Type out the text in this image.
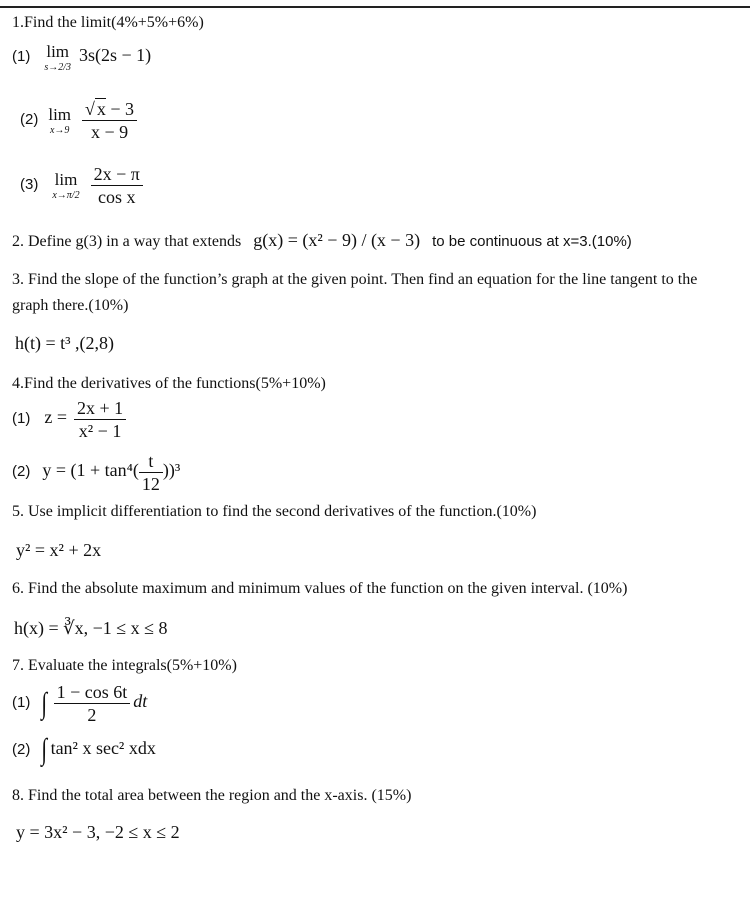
1.Find the limit(4%+5%+6%)
(1) lim
s→2/3
3s(2s − 1)
(2) lim
x→9
$\frac{√ x - 3}{x - 9}$
(3) lim
x→π/2
$\frac{2x - \pi}{\text{cos x}}$
2. Define g(3) in a way that extends g(x) = (x² − 9) / (x − 3) to be continuous at x=3.(10%)
3. Find the slope of the function’s graph at the given point. Then find an equation for the line tangent to the
graph there.(10%)
h(t) = t³ ,(2,8)
4.Find the derivatives of the functions(5%+10%)
(1) $z = \frac{2x + 1}{\text{x² − 1}}$
(2) $y = (1 + \tan^4( \frac{t}{12} ))^3$
5. Use implicit differentiation to find the second derivatives of the function.(10%)
y² = x² + 2x
6. Find the absolute maximum and minimum values of the function on the given interval. (10%)
h(x) = ∛x, −1 ≤ x ≤ 8
7. Evaluate the integrals(5%+10%)
(1) ∫ $\frac{1 - \cos 6t}{2}$ dt
(2) ∫ tan² x sec² xdx
8. Find the total area between the region and the x-axis. (15%)
y = 3x² − 3, −2 ≤ x ≤ 2
